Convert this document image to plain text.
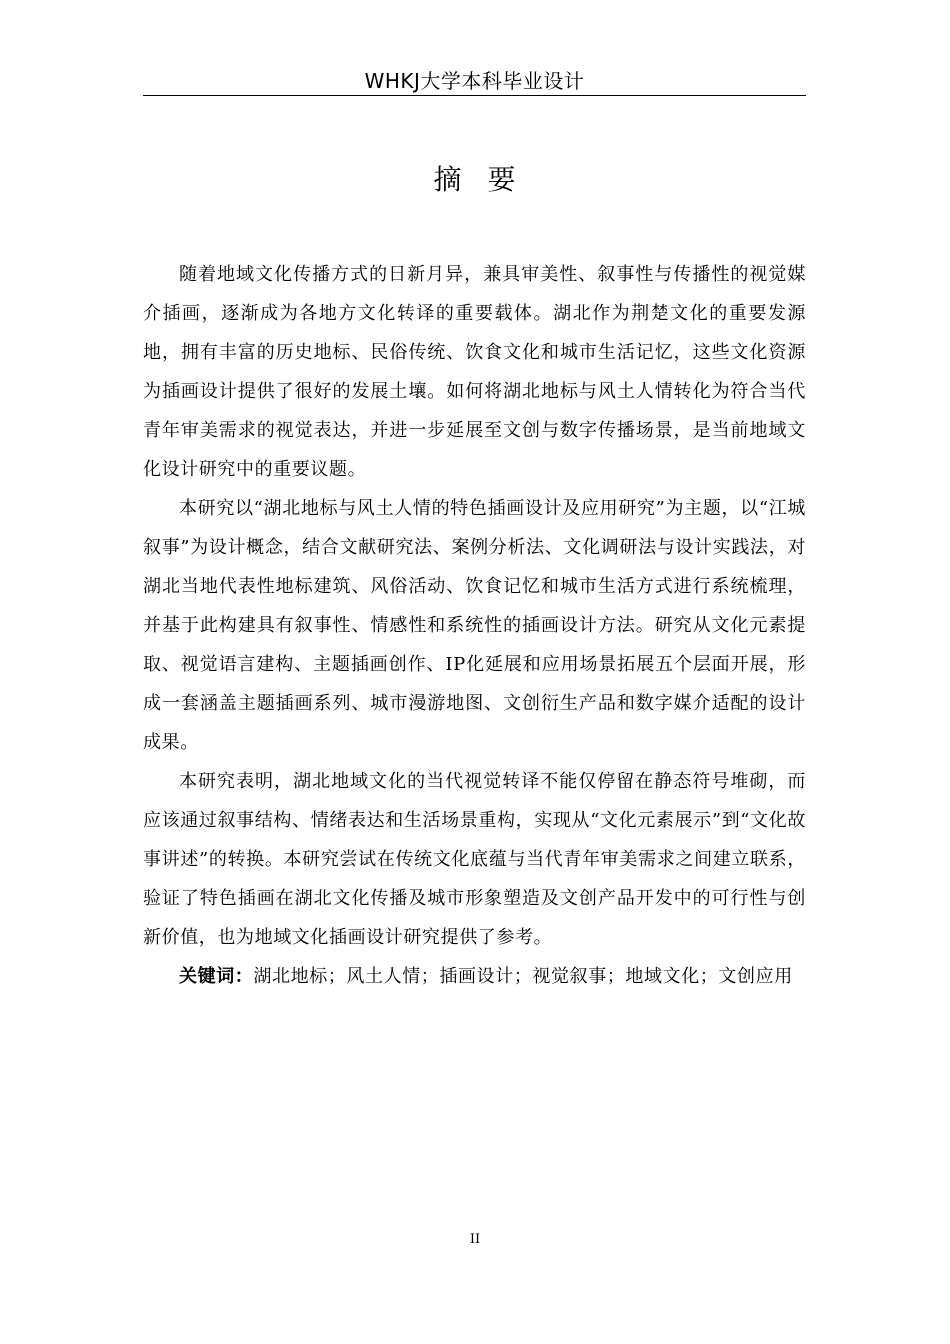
WHKJ大学本科毕业设计
摘要

随着地域文化传播方式的日新月异，兼具审美性、叙事性与传播性的视觉媒介插画，逐渐成为各地方文化转译的重要载体。湖北作为荆楚文化的重要发源地，拥有丰富的历史地标、民俗传统、饮食文化和城市生活记忆，这些文化资源为插画设计提供了很好的发展土壤。如何将湖北地标与风土人情转化为符合当代青年审美需求的视觉表达，并进一步延展至文创与数字传播场景，是当前地域文化设计研究中的重要议题。

本研究以“湖北地标与风土人情的特色插画设计及应用研究”为主题，以“江城叙事”为设计概念，结合文献研究法、案例分析法、文化调研法与设计实践法，对湖北当地代表性地标建筑、风俗活动、饮食记忆和城市生活方式进行系统梳理，并基于此构建具有叙事性、情感性和系统性的插画设计方法。研究从文化元素提取、视觉语言建构、主题插画创作、IP化延展和应用场景拓展五个层面开展，形成一套涵盖主题插画系列、城市漫游地图、文创衍生产品和数字媒介适配的设计成果。

本研究表明，湖北地域文化的当代视觉转译不能仅停留在静态符号堆砌，而应该通过叙事结构、情绪表达和生活场景重构，实现从“文化元素展示”到“文化故事讲述”的转换。本研究尝试在传统文化底蕴与当代青年审美需求之间建立联系，验证了特色插画在湖北文化传播及城市形象塑造及文创产品开发中的可行性与创新价值，也为地域文化插画设计研究提供了参考。

关键词：湖北地标；风土人情；插画设计；视觉叙事；地域文化；文创应用

II
